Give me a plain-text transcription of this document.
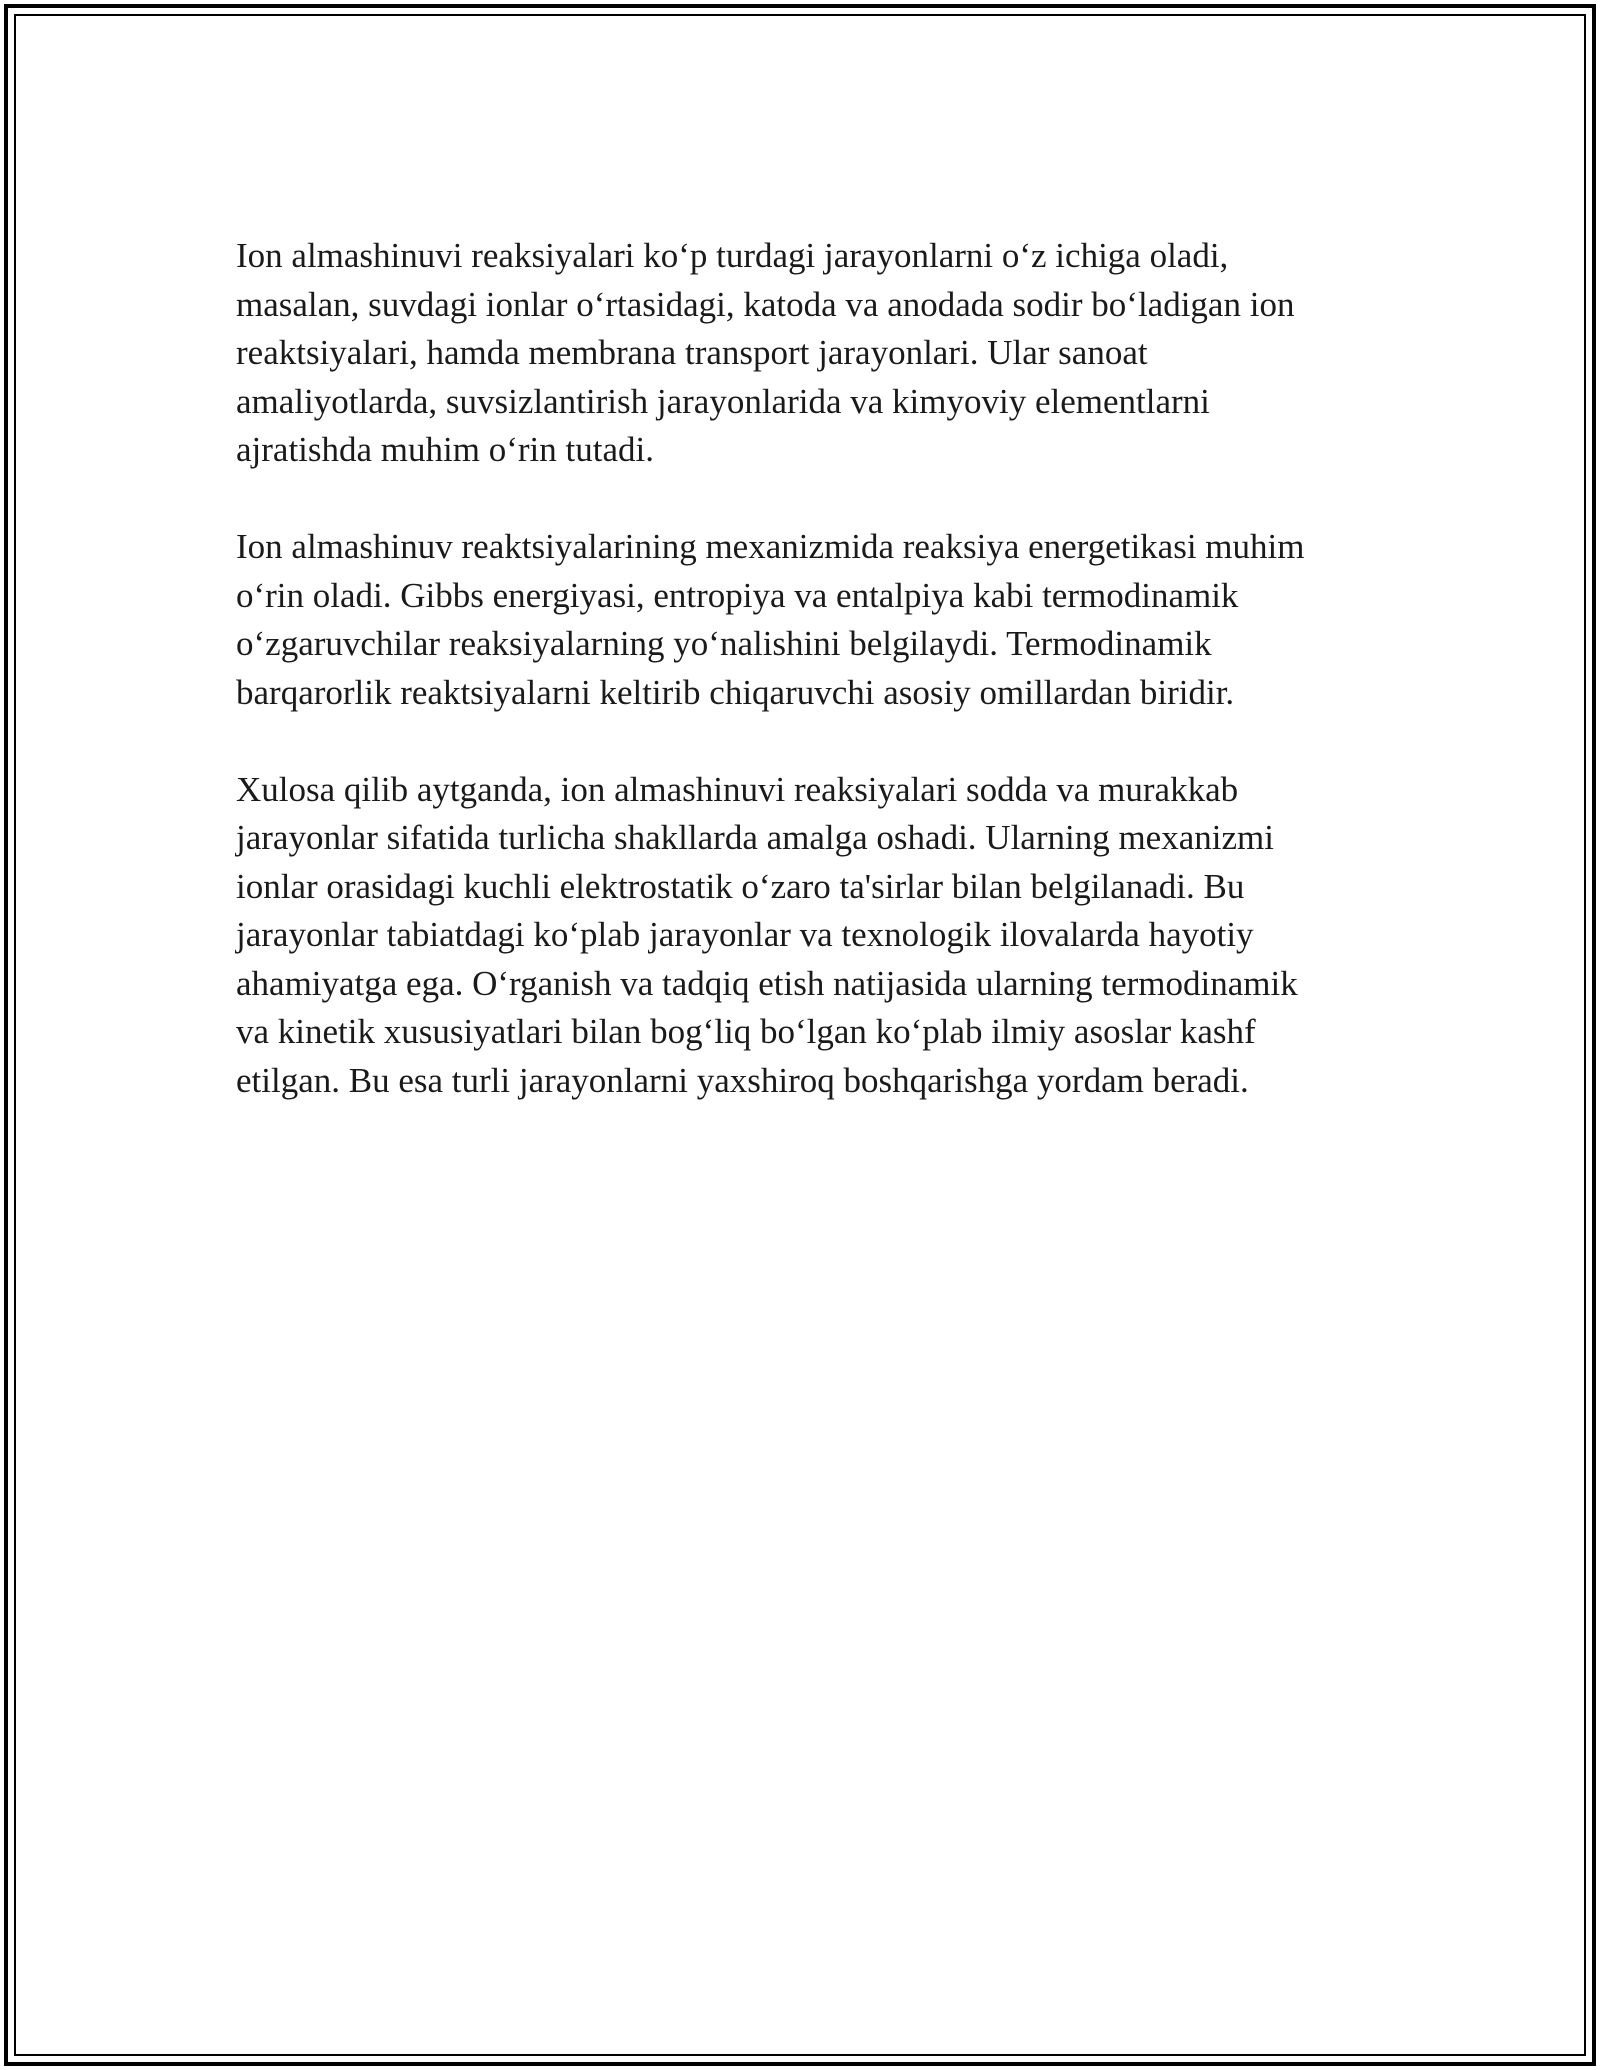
Ion almashinuvi reaksiyalari ko‘p turdagi jarayonlarni o‘z ichiga oladi,
masalan, suvdagi ionlar o‘rtasidagi, katoda va anodada sodir bo‘ladigan ion
reaktsiyalari, hamda membrana transport jarayonlari. Ular sanoat
amaliyotlarda, suvsizlantirish jarayonlarida va kimyoviy elementlarni
ajratishda muhim o‘rin tutadi.

Ion almashinuv reaktsiyalarining mexanizmida reaksiya energetikasi muhim
o‘rin oladi. Gibbs energiyasi, entropiya va entalpiya kabi termodinamik
o‘zgaruvchilar reaksiyalarning yo‘nalishini belgilaydi. Termodinamik
barqarorlik reaktsiyalarni keltirib chiqaruvchi asosiy omillardan biridir.

Xulosa qilib aytganda, ion almashinuvi reaksiyalari sodda va murakkab
jarayonlar sifatida turlicha shakllarda amalga oshadi. Ularning mexanizmi
ionlar orasidagi kuchli elektrostatik o‘zaro ta'sirlar bilan belgilanadi. Bu
jarayonlar tabiatdagi ko‘plab jarayonlar va texnologik ilovalarda hayotiy
ahamiyatga ega. O‘rganish va tadqiq etish natijasida ularning termodinamik
va kinetik xususiyatlari bilan bog‘liq bo‘lgan ko‘plab ilmiy asoslar kashf
etilgan. Bu esa turli jarayonlarni yaxshiroq boshqarishga yordam beradi.
